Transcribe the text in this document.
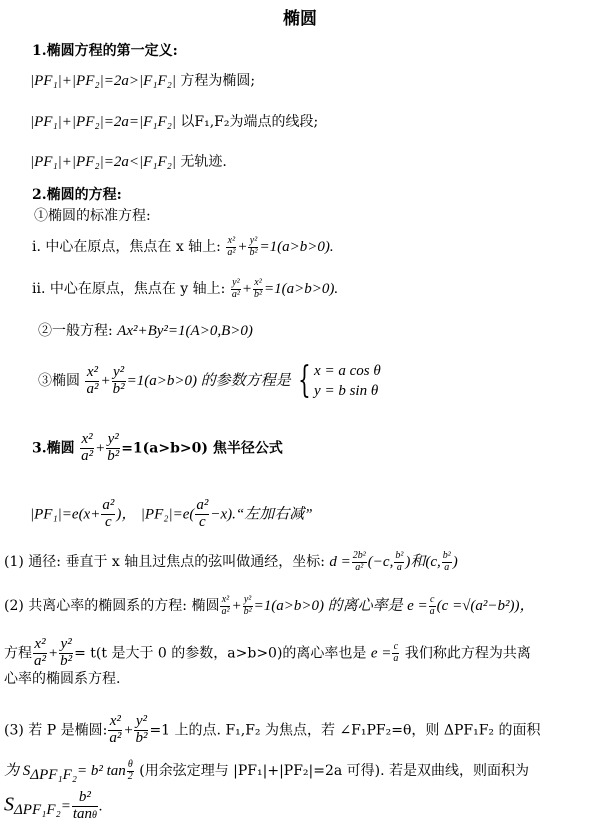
椭圆
1.椭圆方程的第一定义:
|PF₁|+|PF₂|=2a>|F₁F₂| 方程为椭圆;
|PF₁|+|PF₂|=2a=|F₁F₂| 以F₁,F₂为端点的线段;
|PF₁|+|PF₂|=2a<|F₁F₂| 无轨迹.
2.椭圆的方程:
①椭圆的标准方程:
i. 中心在原点，焦点在 x 轴上: $\frac{\text{x²}}{\text{a²}} + \frac{\text{y²}}{\text{b²}} =1(a>b>0)$.
ii. 中心在原点，焦点在 y 轴上: $\frac{\text{y²}}{\text{a²}} + \frac{\text{x²}}{\text{b²}} =1(a>b>0)$.
②一般方程: Ax²+By²=1(A>0,B>0)
③椭圆 $\frac{\text{x²}}{\text{a²}} + \frac{\text{y²}}{\text{b²}} =1(a>b>0)$ 的参数方程是 { x = a cos θ
y = b sin θ
3.椭圆 $\frac{\text{x²}}{\text{a²}} + \frac{\text{y²}}{\text{b²}} =1(a>b>0)$ 焦半径公式
$|PF_1|=e(x+ \frac{\text{a²}}{c}$ )， $|PF_2|=e( \frac{\text{a²}}{c}$ −x).“左加右减”
(1) 通径: 垂直于 x 轴且过焦点的弦叫做通经，坐标: $d = \frac{\text{2b²}}{\text{a²}} (-c$, $\frac{\text{b²}}{a}$ )和(c, $\frac{\text{b²}}{a}$ )
(2) 共离心率的椭圆系的方程: 椭圆 $\frac{\text{x²}}{\text{a²}} + \frac{\text{y²}}{\text{b²}} =1(a>b>0)$ 的离心率是 $e = \frac{c}{a} (c =√(a^2-b^2))$，
方程 $\frac{\text{x²}}{\text{a²}} + \frac{\text{y²}}{\text{b²}} = t(t$ 是大于 0 的参数，a>b>0)的离心率也是 $e = \frac{c}{a}$ 我们称此方程为共离
心率的椭圆系方程.
(3) 若 P 是椭圆: $\frac{\text{x²}}{\text{a²}} + \frac{\text{y²}}{\text{b²}} =1$ 上的点. F₁,F₂ 为焦点，若 ∠F₁PF₂=θ，则 ΔPF₁F₂ 的面积
为 $S_{\Delta PF_1F_2}= b^2$ $\tan \frac{\theta}{2}$ (用余弦定理与 |PF₁|+|PF₂|=2a 可得). 若是双曲线，则面积为
$S_{\Delta PF_1F_2}= \frac{\text{b²}}{\tan\theta}$ .
